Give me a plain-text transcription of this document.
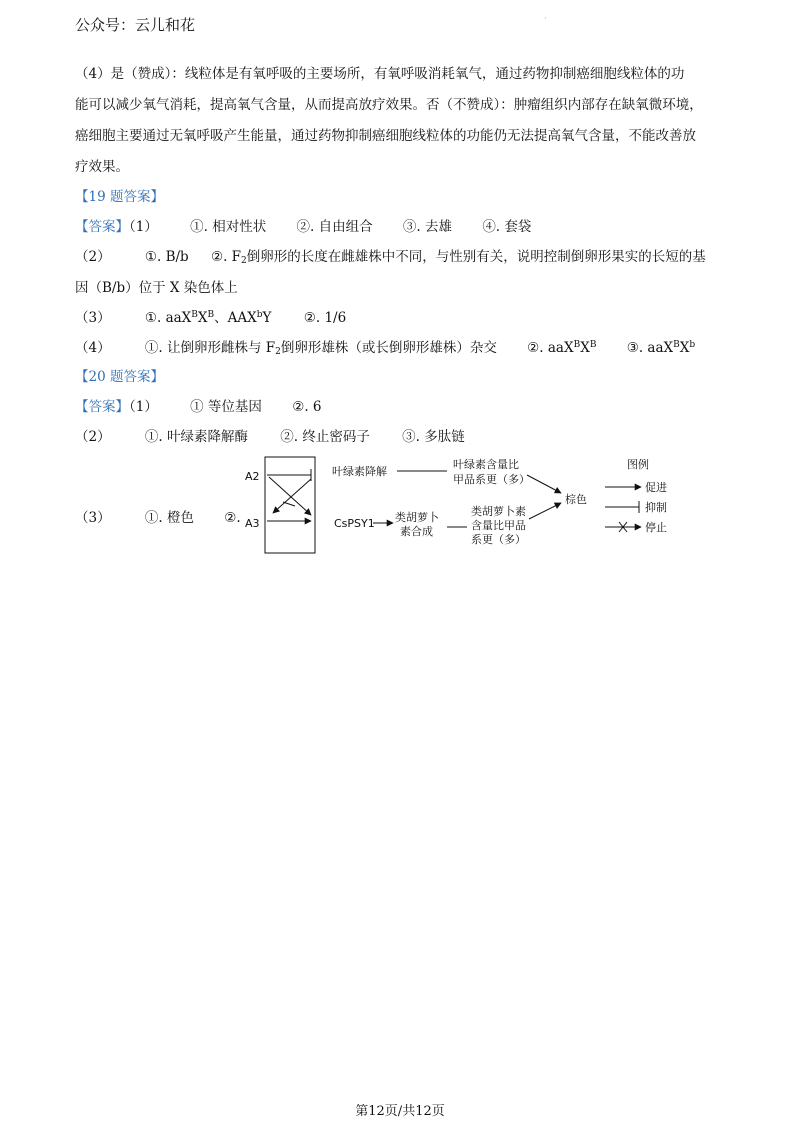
公众号：云儿和花	·
（4）是（赞成）：线粒体是有氧呼吸的主要场所，有氧呼吸消耗氧气，通过药物抑制癌细胞线粒体的功
能可以减少氧气消耗，提高氧气含量，从而提高放疗效果。否（不赞成）：肿瘤组织内部存在缺氧微环境，
癌细胞主要通过无氧呼吸产生能量，通过药物抑制癌细胞线粒体的功能仍无法提高氧气含量，不能改善放
疗效果。
【19 题答案】
【答案】（1） ①. 相对性状 ②. 自由组合 ③. 去雄 ④. 套袋
（2）	①. B/b ②. $F_2$倒卵形的长度在雌雄株中不同，与性别有关，说明控制倒卵形果实的长短的基
因（B/b）位于 X 染色体上
（3）	①. $aaX^BX^B$、AAX$^b$Y ②. 1/6
（4）	①. 让倒卵形雌株与 $F_2$倒卵形雄株（或长倒卵形雄株）杂交 ②. $aaX^BX^B$ ③. $aaX^BX^b$
【20 题答案】
【答案】（1） ① 等位基因 ②. 6
（2）	①. 叶绿素降解酶 ②. 终止密码子 ③. 多肽链
（3）	①. 橙色 ②.
A2
A3
叶绿素降解
叶绿素含量比
甲品系更（多）
CsPSY1 类胡萝卜
素合成
类胡萝卜素
含量比甲品
系更（多）
棕色
图例
促进
抑制
停止
第12页/共12页
